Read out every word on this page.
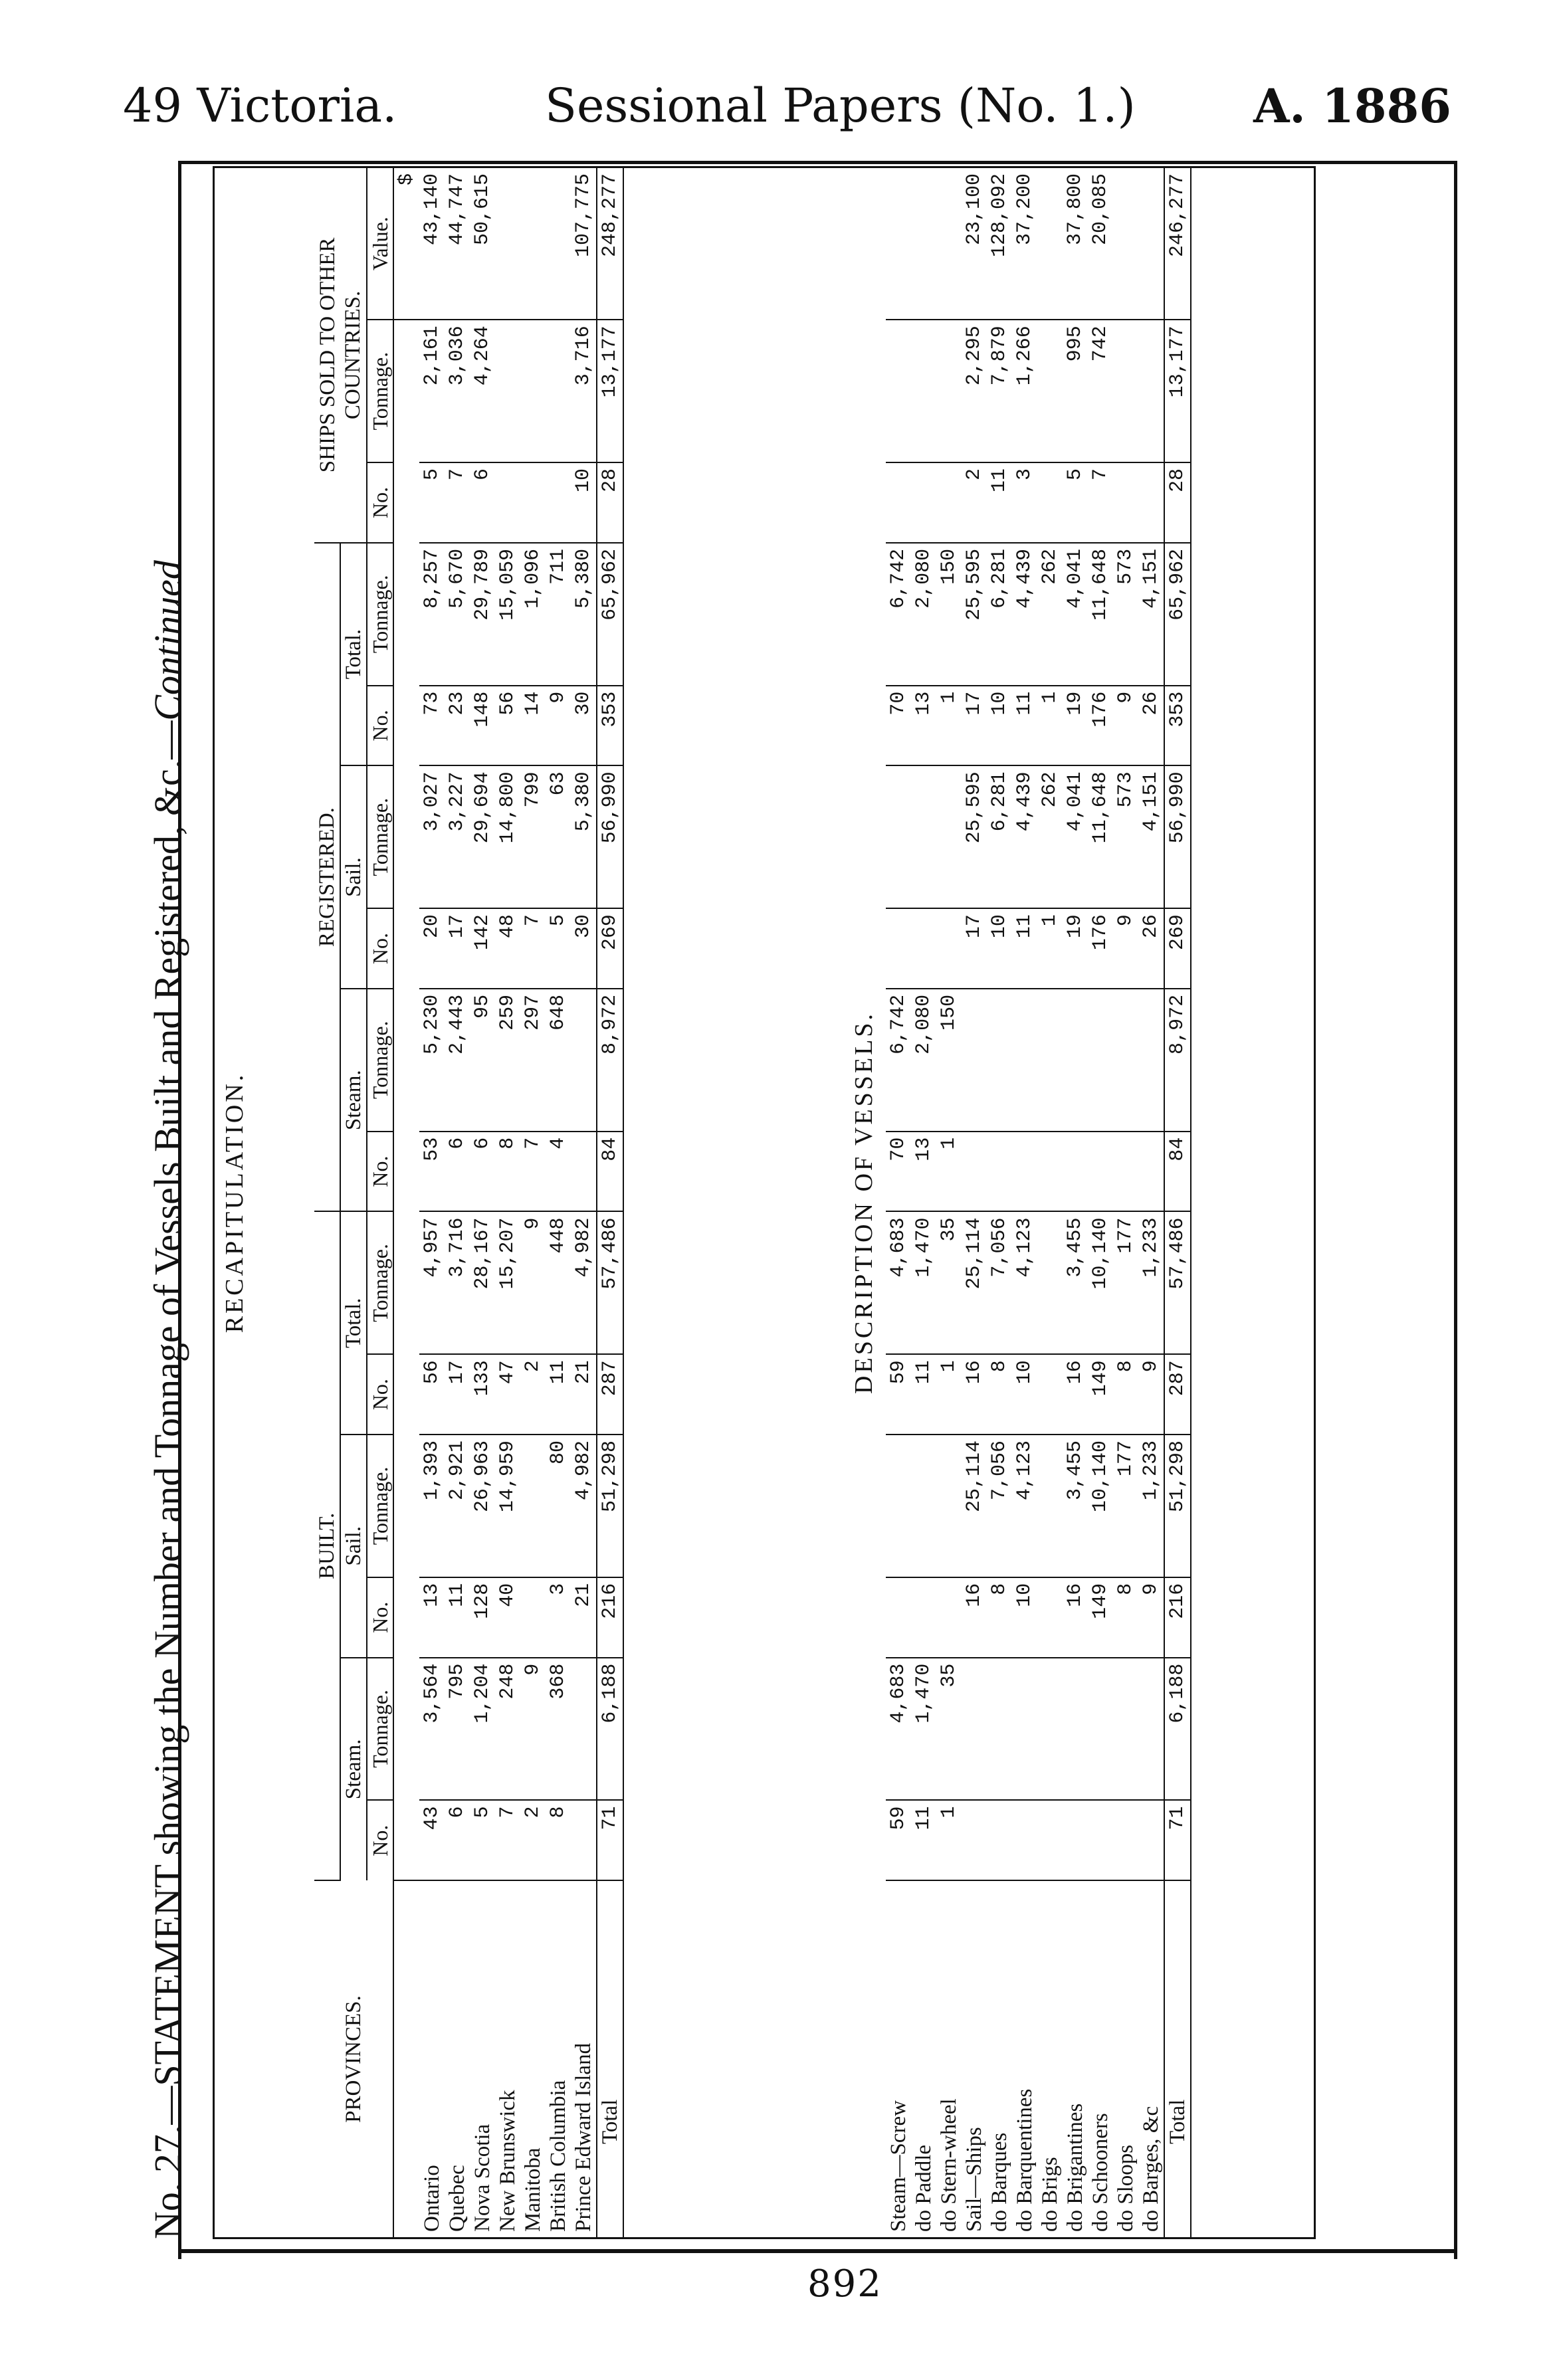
49 Victoria.	Sessional Papers (No. 1.)	A. 1886
No. 27.—STATEMENT showing the Number and Tonnage of Vessels Built and Registered, &c.—Continued
RECAPITULATION.
PROVINCES.	BUILT.						REGISTERED.						SHIPS SOLD TO OTHER COUNTRIES.		
	Steam.		Sail.		Total.		Steam.		Sail.		Total.				
	No.	Tonnage.	No.	Tonnage.	No.	Tonnage.	No.	Tonnage.	No.	Tonnage.	No.	Tonnage.	No.	Tonnage.	Value.
															$
Ontario	43	3,564	13	1,393	56	4,957	53	5,230	20	3,027	73	8,257	5	2,161	43,140
Quebec	6	795	11	2,921	17	3,716	6	2,443	17	3,227	23	5,670	7	3,036	44,747
Nova Scotia	5	1,204	128	26,963	133	28,167	6	95	142	29,694	148	29,789	6	4,264	50,615
New Brunswick	7	248	40	14,959	47	15,207	8	259	48	14,800	56	15,059			
Manitoba	2	9			2	9	7	297	7	799	14	1,096			
British Columbia	8	368	3	80	11	448	4	648	5	63	9	711			
Prince Edward Island			21	4,982	21	4,982			30	5,380	30	5,380	10	3,716	107,775
Total	71	6,188	216	51,298	287	57,486	84	8,972	269	56,990	353	65,962	28	13,177	248,277
DESCRIPTION OF VESSELS.
Steam—Screw	59	4,683			59	4,683	70	6,742			70	6,742			
do Paddle	11	1,470			11	1,470	13	2,080			13	2,080			
do Stern-wheel	1	35			1	35	1	150			1	150			
Sail—Ships			16	25,114	16	25,114			17	25,595	17	25,595	2	2,295	23,100
do Barques			8	7,056	8	7,056			10	6,281	10	6,281	11	7,879	128,092
do Barquentines			10	4,123	10	4,123			11	4,439	11	4,439	3	1,266	37,200
do Brigs									1	262	1	262			
do Brigantines			16	3,455	16	3,455			19	4,041	19	4,041	5	995	37,800
do Schooners			149	10,140	149	10,140			176	11,648	176	11,648	7	742	20,085
do Sloops			8	177	8	177			9	573	9	573			
do Barges, &c			9	1,233	9	1,233			26	4,151	26	4,151			
Total	71	6,188	216	51,298	287	57,486	84	8,972	269	56,990	353	65,962	28	13,177	246,277
892
